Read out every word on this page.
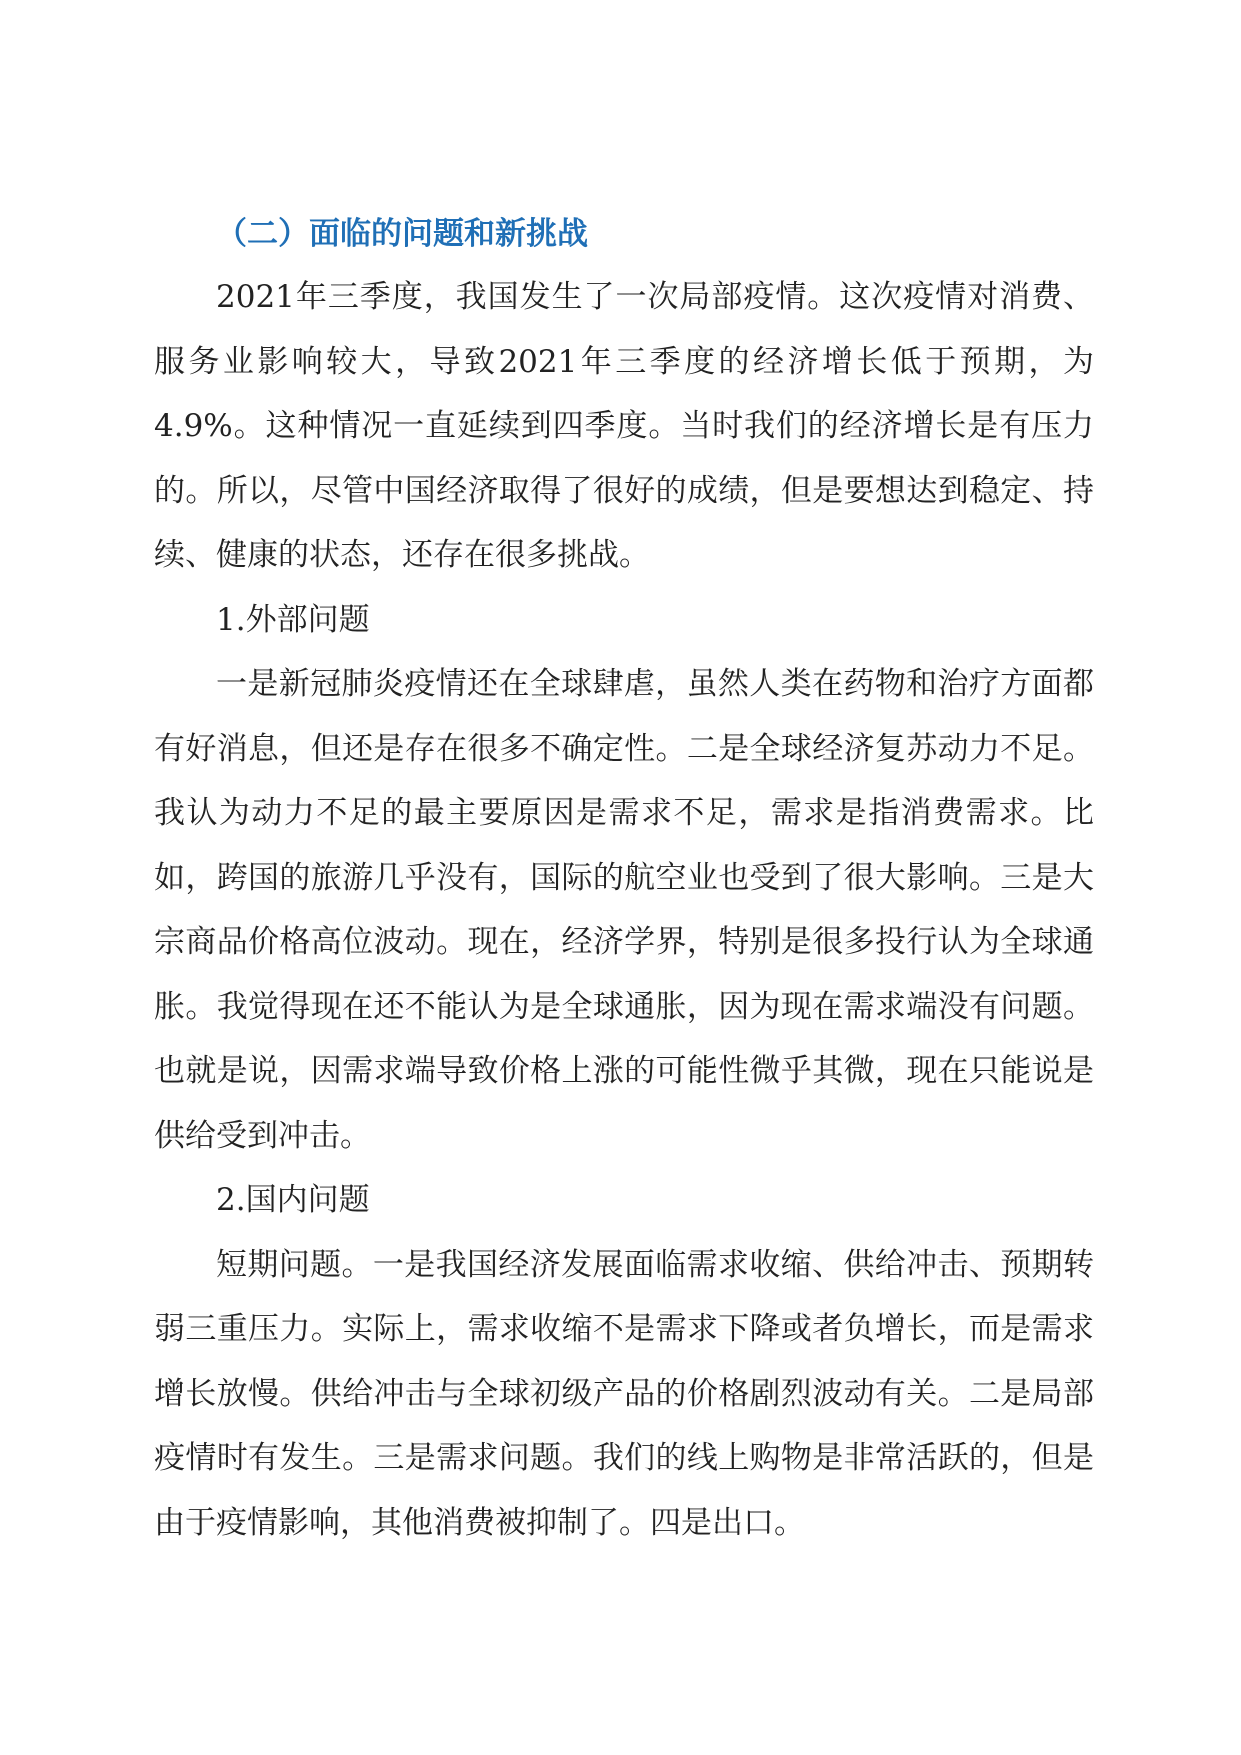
（二）面临的问题和新挑战

2021年三季度，我国发生了一次局部疫情。这次疫情对消费、服务业影响较大，导致2021年三季度的经济增长低于预期，为4.9%。这种情况一直延续到四季度。当时我们的经济增长是有压力的。所以，尽管中国经济取得了很好的成绩，但是要想达到稳定、持续、健康的状态，还存在很多挑战。

1.外部问题

一是新冠肺炎疫情还在全球肆虐，虽然人类在药物和治疗方面都有好消息，但还是存在很多不确定性。二是全球经济复苏动力不足。我认为动力不足的最主要原因是需求不足，需求是指消费需求。比如，跨国的旅游几乎没有，国际的航空业也受到了很大影响。三是大宗商品价格高位波动。现在，经济学界，特别是很多投行认为全球通胀。我觉得现在还不能认为是全球通胀，因为现在需求端没有问题。也就是说，因需求端导致价格上涨的可能性微乎其微，现在只能说是供给受到冲击。

2.国内问题

短期问题。一是我国经济发展面临需求收缩、供给冲击、预期转弱三重压力。实际上，需求收缩不是需求下降或者负增长，而是需求增长放慢。供给冲击与全球初级产品的价格剧烈波动有关。二是局部疫情时有发生。三是需求问题。我们的线上购物是非常活跃的，但是由于疫情影响，其他消费被抑制了。四是出口。
